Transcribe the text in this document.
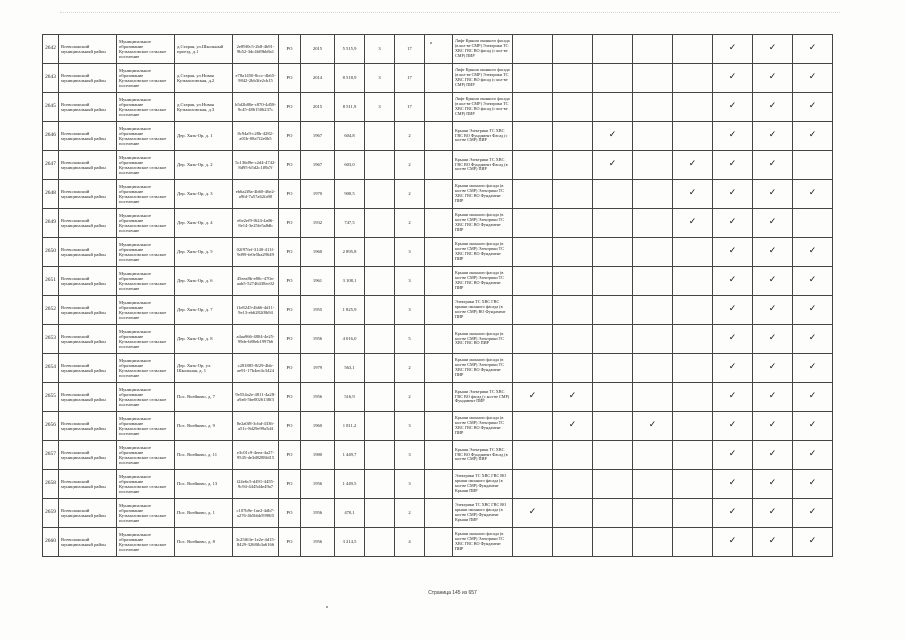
2642	Всеволожский муниципальный район	Муниципальное образование Кузьмоловское сельское поселение	д.Старая, ул.Школьный проезд, д.1	2e89f0c5-2b8-4b91-9b52-3dc4fd9bb8a1	РО	2015	5 515,9	3	17		Лифт Крыши оконного фасада (в кол-ве СМР) Электрики ТС ХВС ГВС ВО фасад (с кол-ве СМР) ПИР						✓	✓	✓
2643	Всеволожский муниципальный район	Муниципальное образование Кузьмоловское сельское поселение	д.Старая, ул.Новая Кузьмоловская, д.2	e78a1450-8ccc-4b65-9842-2bb3fe2cb15	РО	2014	8 518,9	3	17		Лифт Крыши оконного фасада (в кол-ве СМР) Электрики ТС ХВС ГВС ВО фасад (с кол-ве СМР) ПИР						✓	✓	✓
2645	Всеволожский муниципальный район	Муниципальное образование Кузьмоловское сельское поселение	д.Старая, ул.Новая Кузьмоловская, д.3	b5d2b80e-c870-4d58-9c45-4861506237c	РО	2015	8 511,9	3	17		Лифт Крыши оконного фасада (в кол-ве СМР) Электрики ТС ХВС ГВС ВО фасад (с кол-ве СМР) ПИР						✓	✓	✓
2646	Всеволожский муниципальный район	Муниципальное образование Кузьмоловское сельское поселение	Дер. Хязь-Ор, д. 1	8c94a9-c28b-4282-a01b-08a7f2e0b5	РО	1967	604,8		2		Крыши Электрики ТС ХВС ГВС ВО Фундамент Фасад (с кол-ве СМР) ПИР			✓			✓	✓	✓
2647	Всеволожский муниципальный район	Муниципальное образование Кузьмоловское сельское поселение	Дер. Хязь-Ор, д. 2	5c136d9e-c2d4-4742-8d95-b5d2c1f8b7f	РО	1967	603,0		2		Крыши Электрики ТС ХВС ГВС ВО Фундамент Фасад (в кол-ве СМР) ПИР			✓		✓	✓	✓	
2648	Всеволожский муниципальный район	Муниципальное образование Кузьмоловское сельское поселение	Дер. Хязь-Ор, д. 3	eb6a2f8a-4b60-46e2-a9fd-7a57a62fa90	РО	1970	900,5		2		Крыши оконного фасада (в кол-ве СМР) Электрики ТС ХВС ГВС ВО Фундамент ПИР					✓	✓	✓	✓
2649	Всеволожский муниципальный район	Муниципальное образование Кузьмоловское сельское поселение	Дер. Хязь-Ор, д. 4	e6e2ef9-f624-4a06-8e14-3e25fe5a8db	РО	1932	747,5		2		Крыши оконного фасада (в кол-ве СМР) Электрики ТС ХВС ГВС ВО Фундамент ПИР					✓	✓	✓	
2650	Всеволожский муниципальный район	Муниципальное образование Кузьмоловское сельское поселение	Дер. Хязь-Ор, д. 5	02f97fef-3140-411f-9d99-fe0e5ba29649	РО	1960	2 895,8		3		Крыши оконного фасада (в кол-ве СМР) Электрики ТС ХВС ГВС ВО Фундамент ПИР						✓	✓	✓
2651	Всеволожский муниципальный район	Муниципальное образование Кузьмоловское сельское поселение	Дер. Хязь-Ор, д. 6	45eea8b-e80c-470a-aab5-52746438ec02	РО	1961	3 108,1		3		Крыши оконного фасада (в кол-ве СМР) Электрики ТС ХВС ГВС ВО Фундамент ПИР						✓	✓	✓
2652	Всеволожский муниципальный район	Муниципальное образование Кузьмоловское сельское поселение	Дер. Хязь-Ор, д. 7	f1e8245-4b66-4d11-9e13-eb6282f8b94	РО	1955	1 825,9		3		Электрики ТС ХВС ГВС крыши оконного фасада (в кол-ве СМР) ВО Фундамент ПИР						✓	✓	✓
2653	Всеволожский муниципальный район	Муниципальное образование Кузьмоловское сельское поселение	Дер. Хязь-Ор, д. 8	a4aa966-4804-4e25-99de-b80eb1997b6	РО	1956	4 016,0		5		Крыши оконного фасада (в кол-ве СМР) Электрики ТС ХВС ГВС ВО ПИР						✓	✓	✓
2654	Всеволожский муниципальный район	Муниципальное образование Кузьмоловское сельское поселение	Дер. Хязь-Ор, ул. Школьная, д. 1	c281885-8f29-4bb-ae91-17b4ee4c3424	РО	1979	563,1		2		Крыши оконного фасада (в кол-ве СМР) Электрики ТС ХВС ГВС ВО Фундамент ПИР						✓	✓	✓
2655	Всеволожский муниципальный район	Муниципальное образование Кузьмоловское сельское поселение	Пос. Воейково, д. 7	9e554a2e-4811-4a28-a9a6-5be0026138f3	РО	1956	516,9		2		Крыши Электрики ТС ХВС ГВС ВО фасад (с кол-ве СМР) Фундамент ПИР	✓	✓				✓	✓	✓
2656	Всеволожский муниципальный район	Муниципальное образование Кузьмоловское сельское поселение	Пос. Воейково, д. 9	8e2a0f8-3cbd-4336-a51c-8d29e99a5d4	РО	1960	1 811,2		3		Крыши оконного фасада (в кол-ве СМР) Электрики ТС ХВС ГВС ВО Фундамент ПИР		✓		✓		✓	✓	✓
2657	Всеволожский муниципальный район	Муниципальное образование Кузьмоловское сельское поселение	Пос. Воейково, д. 11	e3c01c9-4eea-4a27-9545-de3d8288fd15	РО	1980	1 449,7		3		Крыши Электрики ТС ХВС ГВС ВО Фундамент Фасад (в кол-ве СМР) ПИР						✓	✓	✓
2658	Всеволожский муниципальный район	Муниципальное образование Кузьмоловское сельское поселение	Пос. Воейково, д. 13	f24e6c5-d491-4455-9c94-4445d4e49a7	РО	1956	1 449,5		3		Электрики ТС ХВС ГВС ВО крыши оконного фасада (в кол-ве СМР) Фундамент Крыши ПИР						✓	✓	✓
2659	Всеволожский муниципальный район	Муниципальное образование Кузьмоловское сельское поселение	Пос. Воейково, д. 1	c107b9e-1ae2-4db7-a276-4b5bbb5998f5	РО	1956	470,1		2		Электрики ТС ХВС ГВС ВО крыши оконного фасада (в кол-ве СМР) Фундамент Крыши ПИР	✓					✓	✓	✓
2660	Всеволожский муниципальный район	Муниципальное образование Кузьмоловское сельское поселение	Пос. Воейково, д. 8	3c25f63e-1e2e-4d15-8429-3268fb3a6166	РО	1956	3 214,5		4		Крыши оконного фасада (в кол-ве СМР) Электрики ТС ХВС ГВС ВО Фундамент ПИР						✓	✓	✓
Страница 145 из 657
